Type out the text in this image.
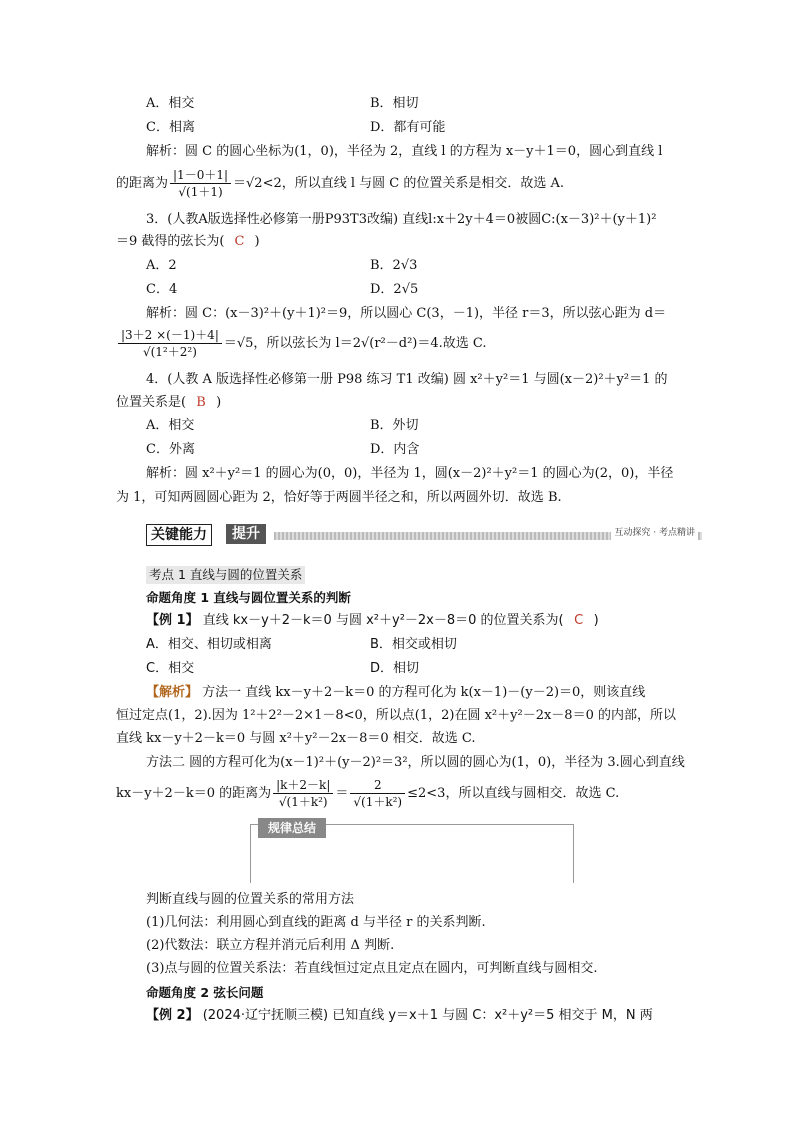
A．相交	B．相切
C．相离	D．都有可能
解析：圆 C 的圆心坐标为(1，0)，半径为 2，直线 l 的方程为 x－y＋1＝0，圆心到直线 l
的距离为 $\frac{|1-0+1|}{√(1+1)} =√2<2$，所以直线 l 与圆 C 的位置关系是相交．故选 A.
3．(人教A版选择性必修第一册P93T3改编) 直线l:x＋2y＋4＝0被圆C:(x－3)²＋(y＋1)²
＝9 截得的弦长为( C )
A．2	B．2√3
C．4	D．2√5
解析：圆 C：(x－3)²＋(y＋1)²＝9，所以圆心 C(3，－1)，半径 r＝3，所以弦心距为 d＝
$\frac{|3+2 \times(-1)+4|}{\text{√(1²＋2²)}} =√5$，所以弦长为 l＝2√(r²－d²)＝4.故选 C.
4．(人教 A 版选择性必修第一册 P98 练习 T1 改编) 圆 x²＋y²＝1 与圆(x－2)²＋y²＝1 的
位置关系是( B )
A．相交	B．外切
C．外离	D．内含
解析：圆 x²＋y²＝1 的圆心为(0，0)，半径为 1，圆(x－2)²＋y²＝1 的圆心为(2，0)，半径
为 1，可知两圆圆心距为 2，恰好等于两圆半径之和，所以两圆外切．故选 B.
关键能力	提升	互动探究 · 考点精讲
考点 1 直线与圆的位置关系
命题角度 1 直线与圆位置关系的判断
【例 1】 直线 kx－y＋2－k＝0 与圆 x²＋y²－2x－8＝0 的位置关系为( C )
A．相交、相切或相离	B．相交或相切
C．相交	D．相切
【解析】 方法一 直线 kx－y＋2－k＝0 的方程可化为 k(x－1)－(y－2)＝0，则该直线
恒过定点(1，2).因为 1²＋2²－2×1－8<0，所以点(1，2)在圆 x²＋y²－2x－8＝0 的内部，所以
直线 kx－y＋2－k＝0 与圆 x²＋y²－2x－8＝0 相交．故选 C.
方法二 圆的方程可化为(x－1)²＋(y－2)²＝3²，所以圆的圆心为(1，0)，半径为 3.圆心到直线
kx－y＋2－k＝0 的距离为 $\frac{|k+2-k|}{\text{√(1＋k²)}} = \frac{2}{\text{√(1＋k²)}} \le 2<3$，所以直线与圆相交．故选 C.
规律总结
判断直线与圆的位置关系的常用方法
(1)几何法：利用圆心到直线的距离 d 与半径 r 的关系判断.
(2)代数法：联立方程并消元后利用 Δ 判断.
(3)点与圆的位置关系法：若直线恒过定点且定点在圆内，可判断直线与圆相交.
命题角度 2 弦长问题
【例 2】 (2024·辽宁抚顺三模) 已知直线 y＝x＋1 与圆 C：x²＋y²＝5 相交于 M，N 两
